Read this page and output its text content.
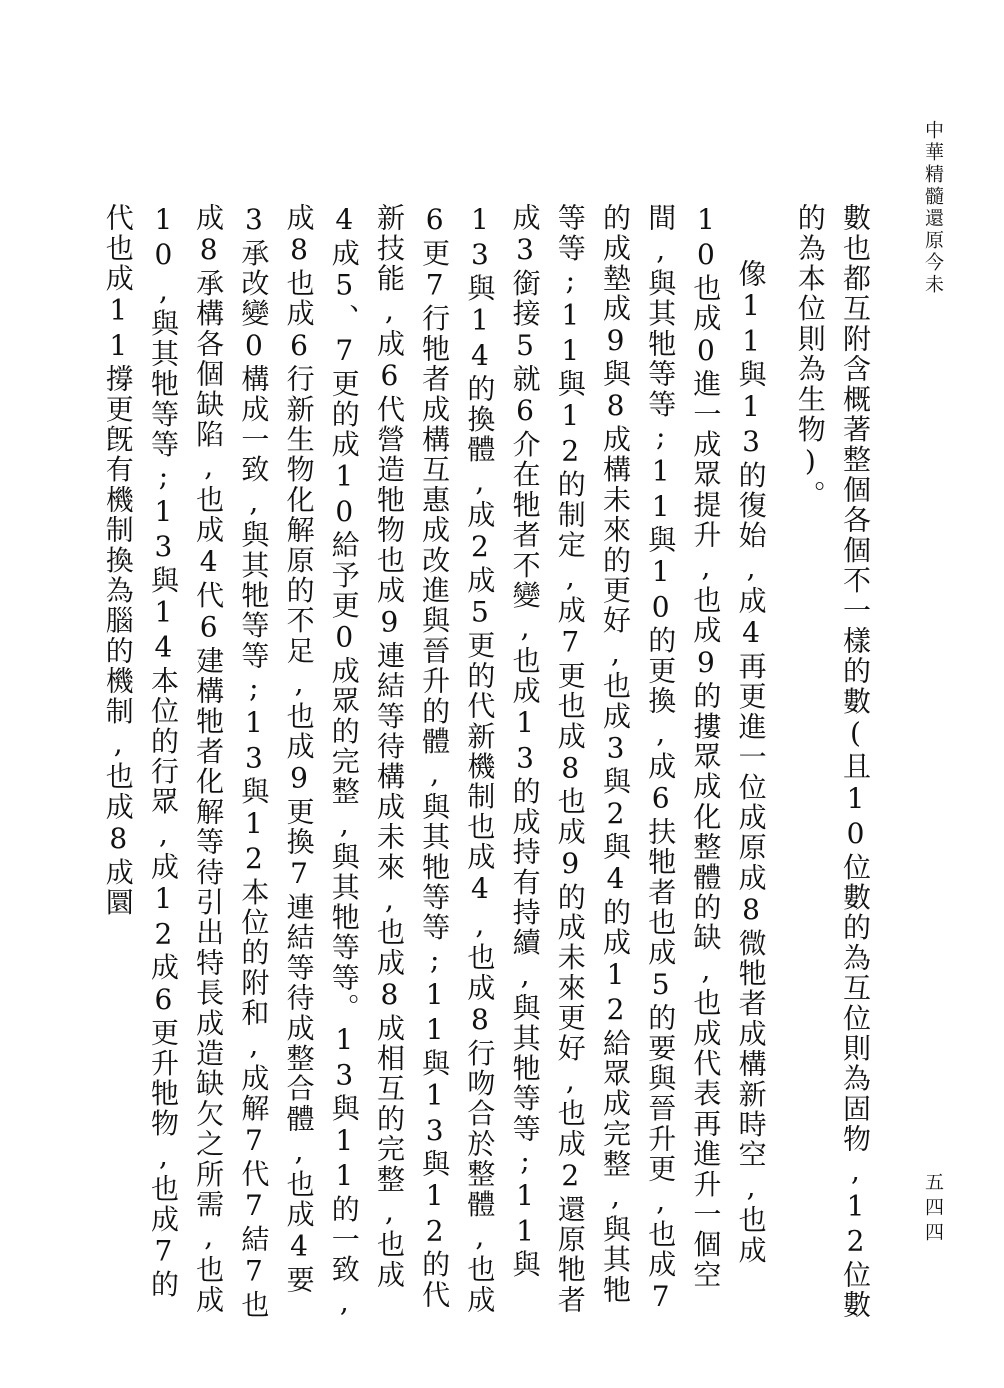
中華精髓還原今未

數也都互附含概著整個各個不一樣的數(且10位數的為互位則為固物,12位數的為本位則為生物)。

像11與13的復始,成4再更進一位成原成8微牠者成構新時空,也成10也成0進一成眾提升,也成9的摟眾成化整體的缺,也成代表再進升一個空間,與其牠等等;11與10的更換,成6扶牠者也成5的要與晉升更,也成7的成墊成9與8成構未來的更好,也成3與2與4的成12給眾成完整,與其牠等等;11與12的制定,成7更也成8也成9的成未來更好,也成2還原牠者成3銜接5就6介在牠者不變,也成13的成持有持續,與其牠等等;11與13與14的換體,成2成5更的代新機制也成4,也成8行吻合於整體,也成6更7行牠者成構互惠成改進與晉升的體,與其牠等等;11與13與12的代新技能,成6代營造牠物也成9連結等待構成未來,也成8成相互的完整,也成4成5、7更的成10給予更0成眾的完整,與其牠等等。13與11的一致,成8也成6行新生物化解原的不足,也成9更換7連結等待成整合體,也成4要3承改變0構成一致,與其牠等等;13與12本位的附和,成解7代7結7也成8承構各個缺陷,也成4代6建構牠者化解等待引出特長成造缺欠之所需,也成10,與其牠等等;13與14本位的行眾,成12成6更升牠物,也成7的代也成11撐更旣有機制換為腦的機制,也成8成圜

五四四
